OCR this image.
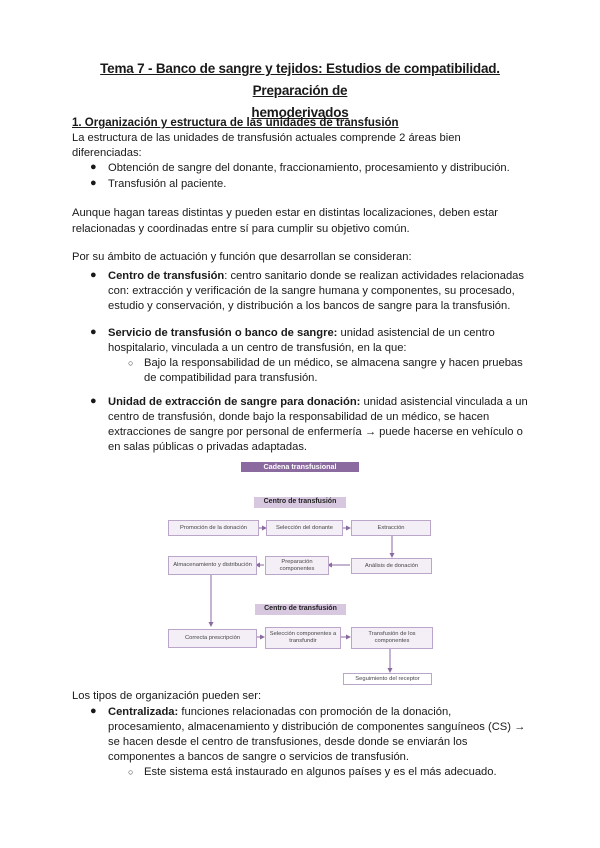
Tema 7 - Banco de sangre y tejidos: Estudios de compatibilidad. Preparación de
hemoderivados
1. Organización y estructura de las unidades de transfusión
La estructura de las unidades de transfusión actuales comprende 2 áreas bien
diferenciadas:
● Obtención de sangre del donante, fraccionamiento, procesamiento y distribución.
● Transfusión al paciente.
Aunque hagan tareas distintas y pueden estar en distintas localizaciones, deben estar
relacionadas y coordinadas entre sí para cumplir su objetivo común.
Por su ámbito de actuación y función que desarrollan se consideran:
● Centro de transfusión: centro sanitario donde se realizan actividades relacionadas
con: extracción y verificación de la sangre humana y componentes, su procesado,
estudio y conservación, y distribución a los bancos de sangre para la transfusión.
● Servicio de transfusión o banco de sangre: unidad asistencial de un centro
hospitalario, vinculada a un centro de transfusión, en la que:
○ Bajo la responsabilidad de un médico, se almacena sangre y hacen pruebas
de compatibilidad para transfusión.
● Unidad de extracción de sangre para donación: unidad asistencial vinculada a un
centro de transfusión, donde bajo la responsabilidad de un médico, se hacen
extracciones de sangre por personal de enfermería → puede hacerse en vehículo o
en salas públicas o privadas adaptadas.
Cadena transfusional
Centro de transfusión
Centro de transfusión
Promoción de la donación	Selección del donante	Extracción
Almacenamiento y distribución
Preparación componentes	Análisis de donación
Correcta prescripción
Selección componentes a transfundir
Transfusión de los componentes
Seguimiento del receptor
Los tipos de organización pueden ser:
● Centralizada: funciones relacionadas con promoción de la donación,
procesamiento, almacenamiento y distribución de componentes sanguíneos (CS) →
se hacen desde el centro de transfusiones, desde donde se enviarán los
componentes a bancos de sangre o servicios de transfusión.
○ Este sistema está instaurado en algunos países y es el más adecuado.
